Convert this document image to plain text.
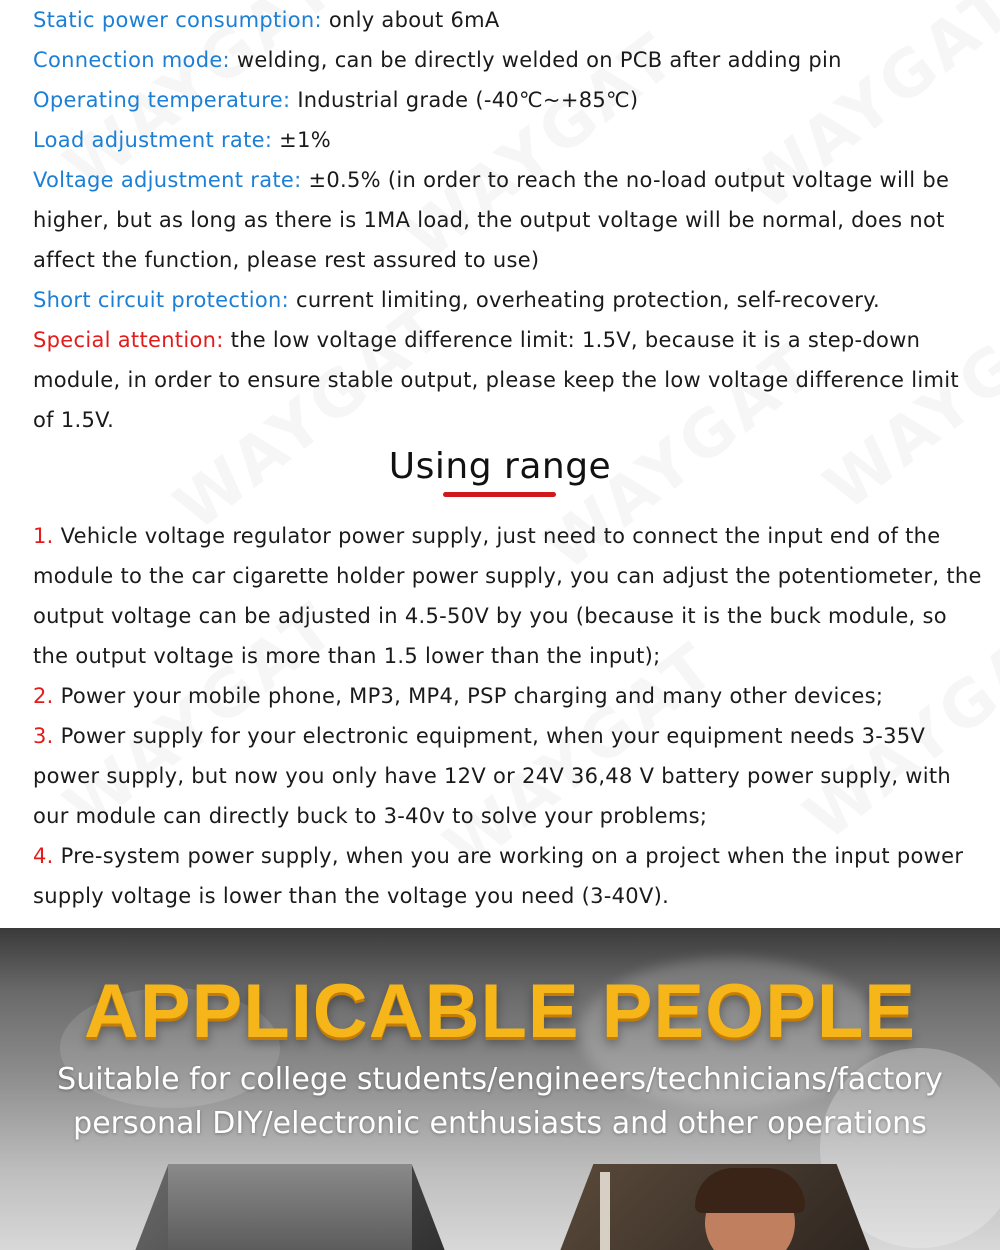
Static power consumption: only about 6mA

Connection mode: welding, can be directly welded on PCB after adding pin

Operating temperature: Industrial grade (-40℃~+85℃)

Load adjustment rate: ±1%

Voltage adjustment rate: ±0.5% (in order to reach the no-load output voltage will be higher, but as long as there is 1MA load, the output voltage will be normal, does not affect the function, please rest assured to use)

Short circuit protection: current limiting, overheating protection, self-recovery.

Special attention: the low voltage difference limit: 1.5V, because it is a step-down module, in order to ensure stable output, please keep the low voltage difference limit of 1.5V.

Using range

1. Vehicle voltage regulator power supply, just need to connect the input end of the module to the car cigarette holder power supply, you can adjust the potentiometer, the output voltage can be adjusted in 4.5-50V by you (because it is the buck module, so the output voltage is more than 1.5 lower than the input);

2. Power your mobile phone, MP3, MP4, PSP charging and many other devices;

3. Power supply for your electronic equipment, when your equipment needs 3-35V power supply, but now you only have 12V or 24V 36,48 V battery power supply, with our module can directly buck to 3-40v to solve your problems;

4. Pre-system power supply, when you are working on a project when the input power supply voltage is lower than the voltage you need (3-40V).

APPLICABLE PEOPLE
Suitable for college students/engineers/technicians/factory
personal DIY/electronic enthusiasts and other operations
